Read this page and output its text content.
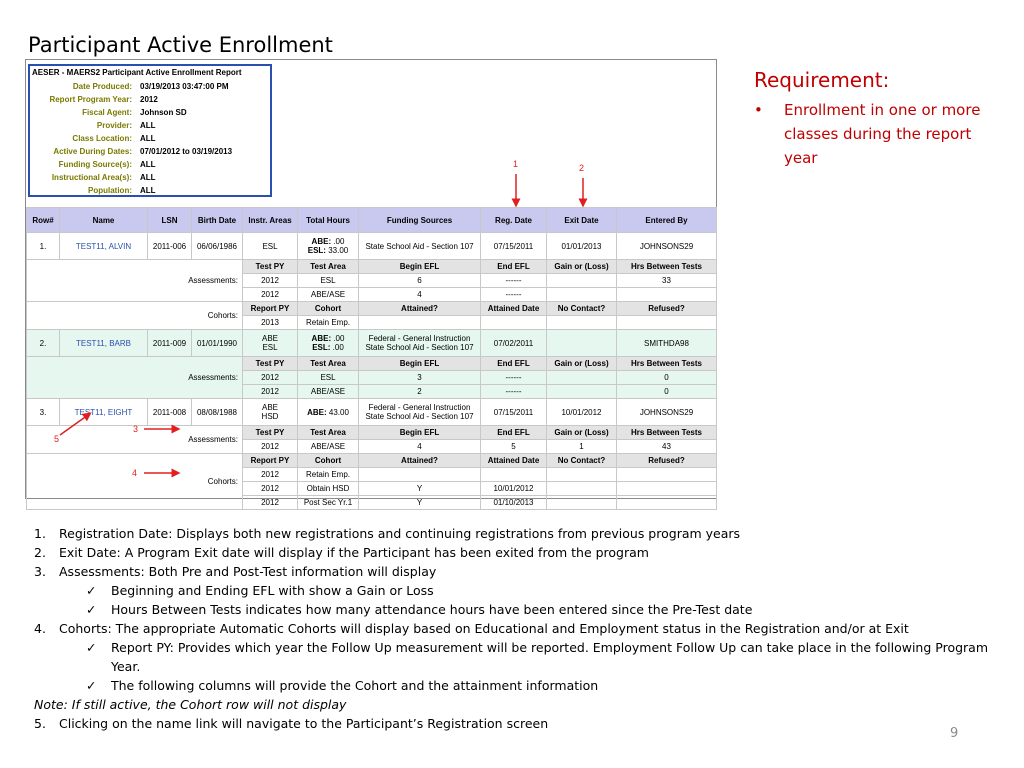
Participant Active Enrollment
AESER - MAERS2 Participant Active Enrollment Report
Date Produced:	03/19/2013 03:47:00 PM
Report Program Year:	2012
Fiscal Agent:	Johnson SD
Provider:	ALL
Class Location:	ALL
Active During Dates:	07/01/2012 to 03/19/2013
Funding Source(s):	ALL
Instructional Area(s):	ALL
Population:	ALL
Row#	Name	LSN	Birth Date	Instr. Areas	Total Hours	Funding Sources	Reg. Date	Exit Date	Entered By
1.	TEST11, ALVIN	2011-006	06/06/1986	ESL	ABE: .00
ESL: 33.00	State School Aid - Section 107	07/15/2011	01/01/2013	JOHNSONS29
Assessments:				Test PY	Test Area	Begin EFL	End EFL	Gain or (Loss)	Hrs Between Tests
				2012	ESL	6	------		33
				2012	ABE/ASE	4	------		
Cohorts:				Report PY	Cohort	Attained?	Attained Date	No Contact?	Refused?
				2013	Retain Emp.				
2.	TEST11, BARB	2011-009	01/01/1990	ABE
ESL	ABE: .00
ESL: .00	Federal - General Instruction
State School Aid - Section 107	07/02/2011		SMITHDA98
Assessments:				Test PY	Test Area	Begin EFL	End EFL	Gain or (Loss)	Hrs Between Tests
				2012	ESL	3	------		0
				2012	ABE/ASE	2	------		0
3.	TEST11, EIGHT	2011-008	08/08/1988	ABE
HSD	ABE: 43.00	Federal - General Instruction
State School Aid - Section 107	07/15/2011	10/01/2012	JOHNSONS29
Assessments:				Test PY	Test Area	Begin EFL	End EFL	Gain or (Loss)	Hrs Between Tests
				2012	ABE/ASE	4	5	1	43
Cohorts:				Report PY	Cohort	Attained?	Attained Date	No Contact?	Refused?
				2012	Retain Emp.				
				2012	Obtain HSD	Y	10/01/2012		
				2012	Post Sec Yr.1	Y	01/10/2013		
1	2
3
4
5
Requirement:
• Enrollment in one or more classes during the report year
1. Registration Date: Displays both new registrations and continuing registrations from previous program years
2. Exit Date: A Program Exit date will display if the Participant has been exited from the program
3. Assessments: Both Pre and Post-Test information will display
✓ Beginning and Ending EFL with show a Gain or Loss
✓ Hours Between Tests indicates how many attendance hours have been entered since the Pre-Test date
4. Cohorts: The appropriate Automatic Cohorts will display based on Educational and Employment status in the Registration and/or at Exit
✓ Report PY: Provides which year the Follow Up measurement will be reported. Employment Follow Up can take place in the following Program Year.
✓ The following columns will provide the Cohort and the attainment information
Note: If still active, the Cohort row will not display
5. Clicking on the name link will navigate to the Participant’s Registration screen
9
